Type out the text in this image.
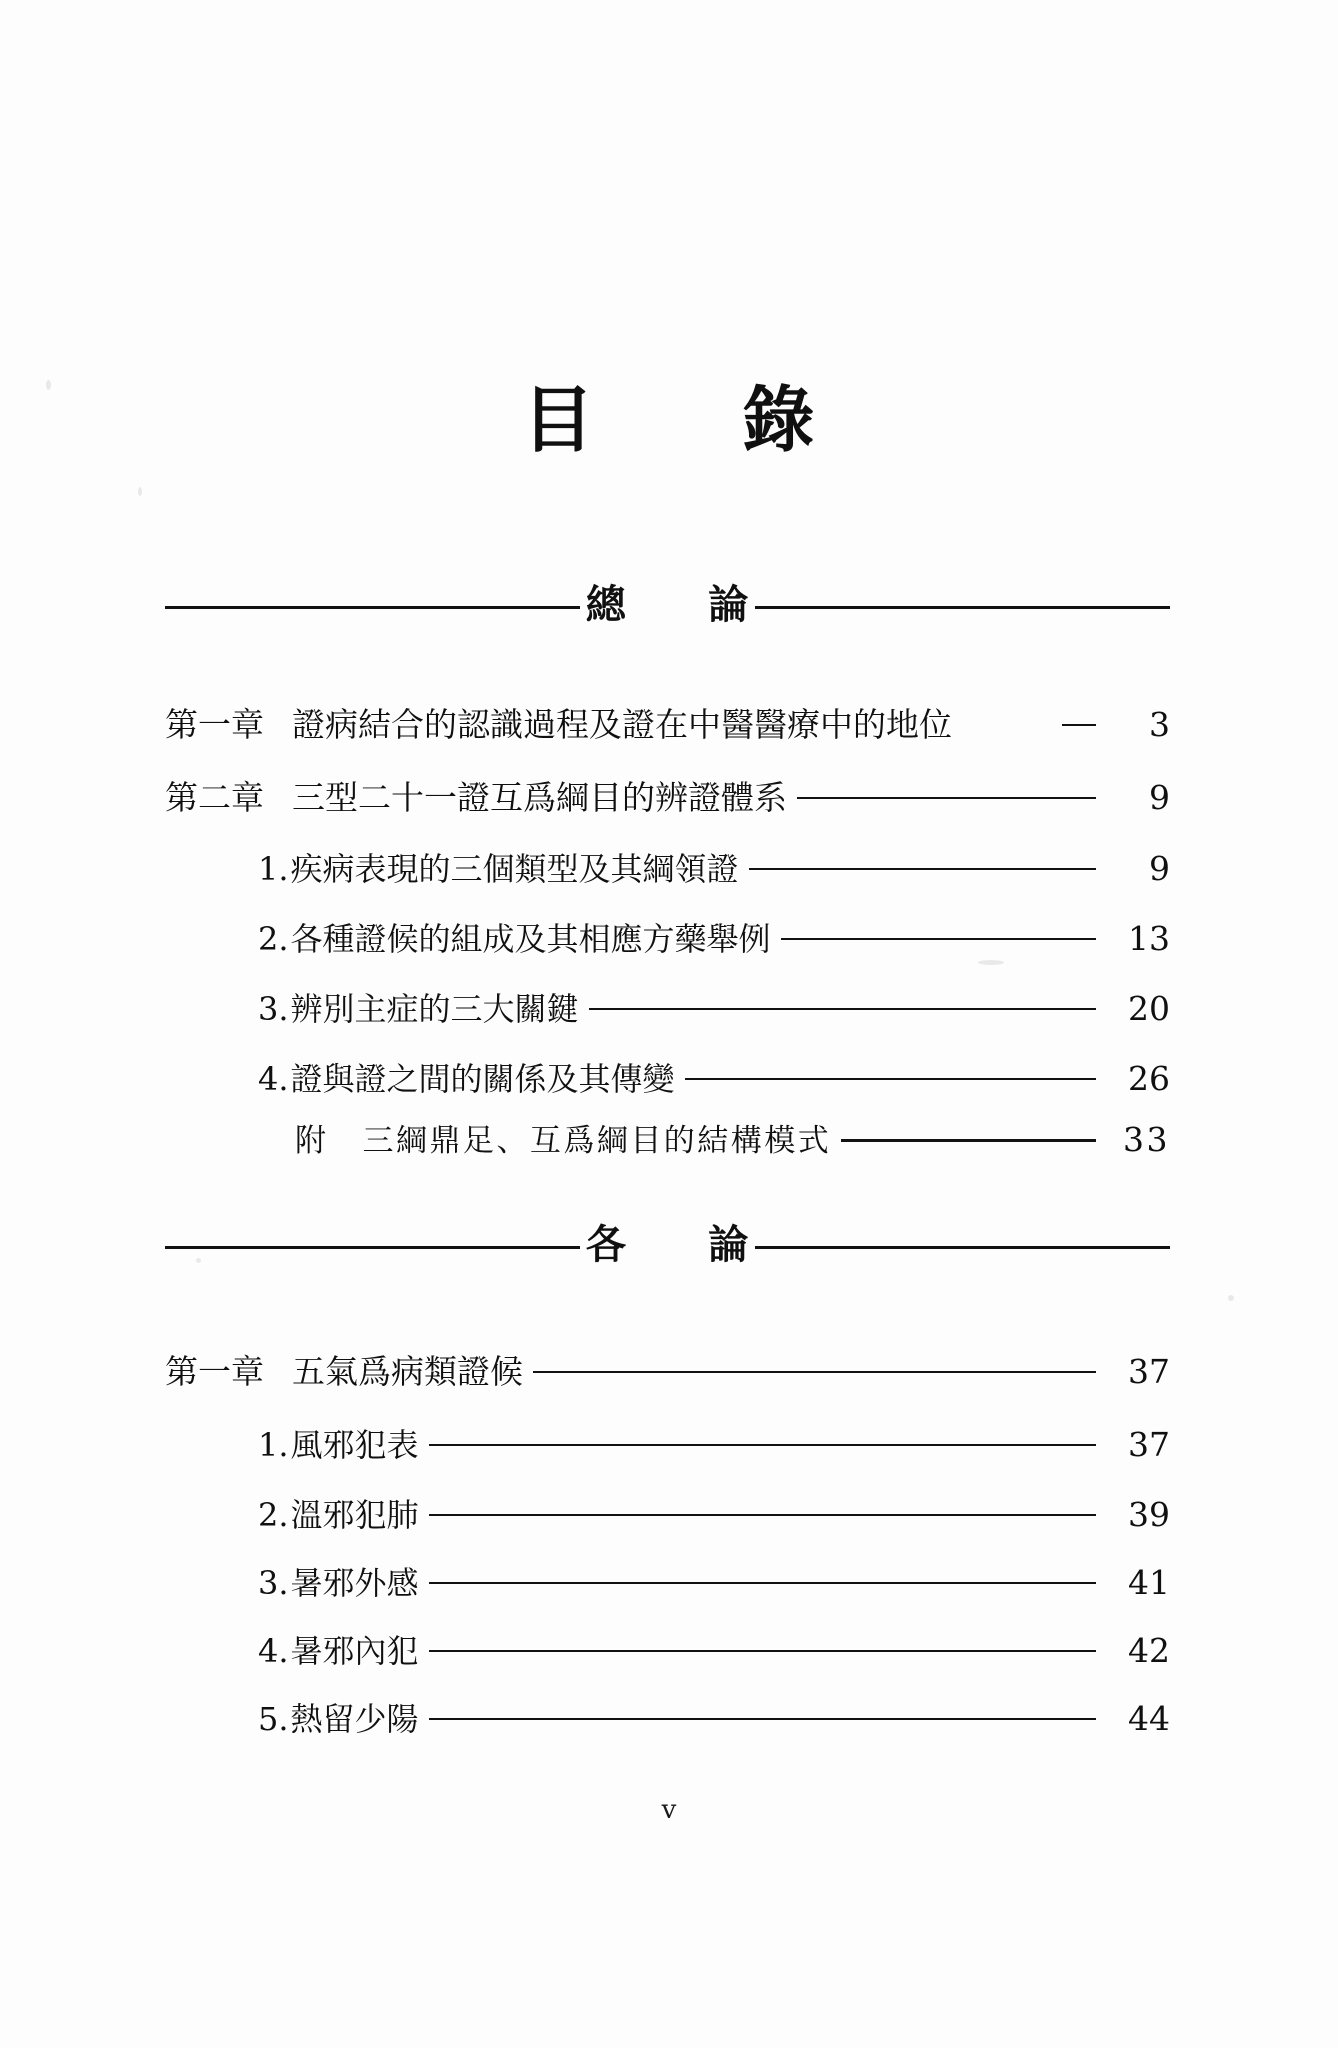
目　　錄
總　　論
第一章 證病結合的認識過程及證在中醫醫療中的地位	3
第二章 三型二十一證互爲綱目的辨證體系	9
1. 疾病表現的三個類型及其綱領證	9
2. 各種證候的組成及其相應方藥舉例	13
3. 辨別主症的三大關鍵	20
4. 證與證之間的關係及其傳變	26
附	三綱鼎足、互爲綱目的結構模式	33
各　　論
第一章 五氣爲病類證候	37
1. 風邪犯表	37
2. 溫邪犯肺	39
3. 暑邪外感	41
4. 暑邪內犯	42
5. 熱留少陽	44
v
